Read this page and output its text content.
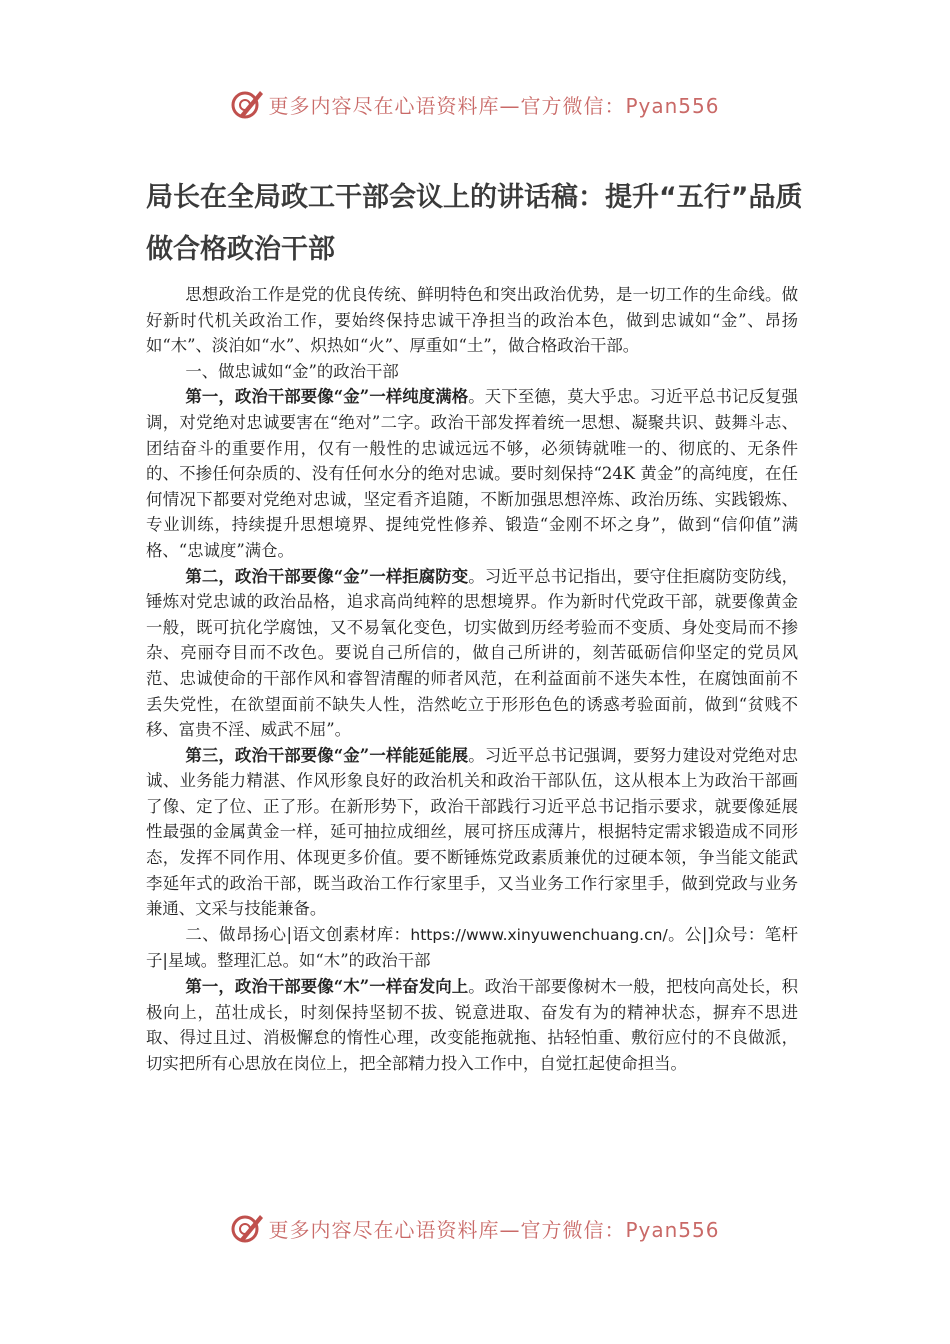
更多内容尽在心语资料库—官方微信：Pyan556
局长在全局政工干部会议上的讲话稿：提升“五行”品质 做合格政治干部

思想政治工作是党的优良传统、鲜明特色和突出政治优势，是一切工作的生命线。做好新时代机关政治工作，要始终保持忠诚干净担当的政治本色，做到忠诚如“金”、昂扬如“木”、淡泊如“水”、炽热如“火”、厚重如“土”，做合格政治干部。

一、做忠诚如“金”的政治干部

第一，政治干部要像“金”一样纯度满格。天下至德，莫大乎忠。习近平总书记反复强调，对党绝对忠诚要害在“绝对”二字。政治干部发挥着统一思想、凝聚共识、鼓舞斗志、团结奋斗的重要作用，仅有一般性的忠诚远远不够，必须铸就唯一的、彻底的、无条件的、不掺任何杂质的、没有任何水分的绝对忠诚。要时刻保持“24K 黄金”的高纯度，在任何情况下都要对党绝对忠诚，坚定看齐追随，不断加强思想淬炼、政治历练、实践锻炼、专业训练，持续提升思想境界、提纯党性修养、锻造“金刚不坏之身”，做到“信仰值”满格、“忠诚度”满仓。

第二，政治干部要像“金”一样拒腐防变。习近平总书记指出，要守住拒腐防变防线，锤炼对党忠诚的政治品格，追求高尚纯粹的思想境界。作为新时代党政干部，就要像黄金一般，既可抗化学腐蚀，又不易氧化变色，切实做到历经考验而不变质、身处变局而不掺杂、亮丽夺目而不改色。要说自己所信的，做自己所讲的，刻苦砥砺信仰坚定的党员风范、忠诚使命的干部作风和睿智清醒的师者风范，在利益面前不迷失本性，在腐蚀面前不丢失党性，在欲望面前不缺失人性，浩然屹立于形形色色的诱惑考验面前，做到“贫贱不移、富贵不淫、威武不屈”。

第三，政治干部要像“金”一样能延能展。习近平总书记强调，要努力建设对党绝对忠诚、业务能力精湛、作风形象良好的政治机关和政治干部队伍，这从根本上为政治干部画了像、定了位、正了形。在新形势下，政治干部践行习近平总书记指示要求，就要像延展性最强的金属黄金一样，延可抽拉成细丝，展可挤压成薄片，根据特定需求锻造成不同形态，发挥不同作用、体现更多价值。要不断锤炼党政素质兼优的过硬本领，争当能文能武李延年式的政治干部，既当政治工作行家里手，又当业务工作行家里手，做到党政与业务兼通、文采与技能兼备。

二、做昂扬心|语文创素材库：https://www.xinyuwenchuang.cn/。公|]众号：笔杆子|星域。整理汇总。如“木”的政治干部

第一，政治干部要像“木”一样奋发向上。政治干部要像树木一般，把枝向高处长，积极向上，茁壮成长，时刻保持坚韧不拔、锐意进取、奋发有为的精神状态，摒弃不思进取、得过且过、消极懈怠的惰性心理，改变能拖就拖、拈轻怕重、敷衍应付的不良做派，切实把所有心思放在岗位上，把全部精力投入工作中，自觉扛起使命担当。

更多内容尽在心语资料库—官方微信：Pyan556
